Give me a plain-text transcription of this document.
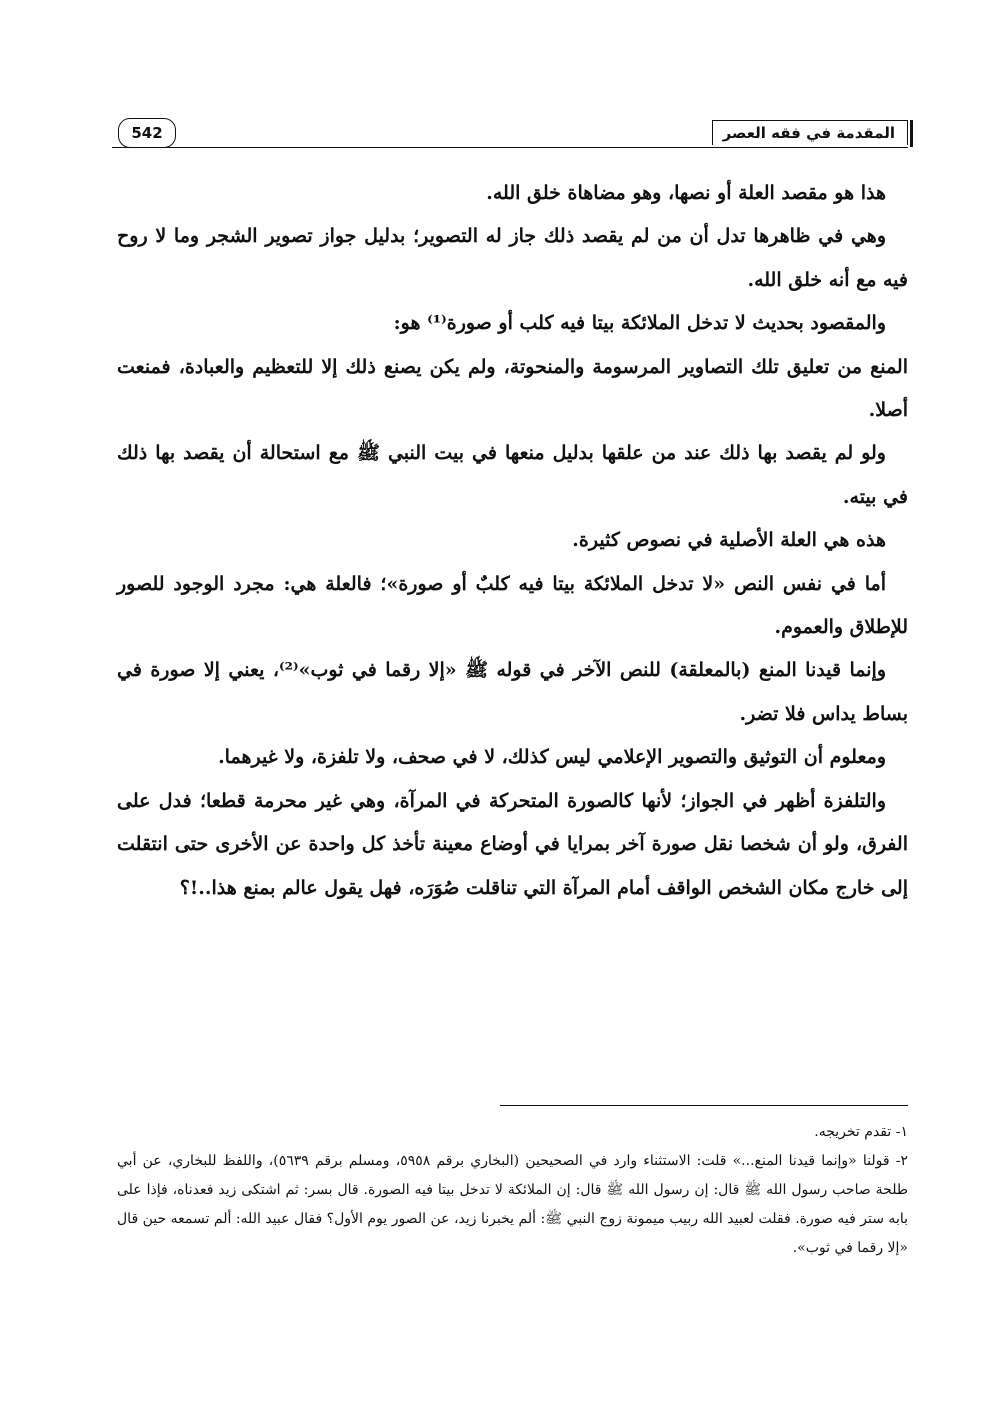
542	المقدمة في فقه العصر

هذا هو مقصد العلة أو نصها، وهو مضاهاة خلق الله.

وهي في ظاهرها تدل أن من لم يقصد ذلك جاز له التصوير؛ بدليل جواز تصوير الشجر وما لا روح فيه مع أنه خلق الله.

والمقصود بحديث لا تدخل الملائكة بيتا فيه كلب أو صورة⁽¹⁾ هو:

المنع من تعليق تلك التصاوير المرسومة والمنحوتة، ولم يكن يصنع ذلك إلا للتعظيم والعبادة، فمنعت أصلا.

ولو لم يقصد بها ذلك عند من علقها بدليل منعها في بيت النبي ﷺ مع استحالة أن يقصد بها ذلك في بيته.

هذه هي العلة الأصلية في نصوص كثيرة.

أما في نفس النص «لا تدخل الملائكة بيتا فيه كلبٌ أو صورة»؛ فالعلة هي: مجرد الوجود للصور للإطلاق والعموم.

وإنما قيدنا المنع (بالمعلقة) للنص الآخر في قوله ﷺ «إلا رقما في ثوب»⁽²⁾، يعني إلا صورة في بساط يداس فلا تضر.

ومعلوم أن التوثيق والتصوير الإعلامي ليس كذلك، لا في صحف، ولا تلفزة، ولا غيرهما.

والتلفزة أظهر في الجواز؛ لأنها كالصورة المتحركة في المرآة، وهي غير محرمة قطعا؛ فدل على الفرق، ولو أن شخصا نقل صورة آخر بمرايا في أوضاع معينة تأخذ كل واحدة عن الأخرى حتى انتقلت إلى خارج مكان الشخص الواقف أمام المرآة التي تناقلت صُوَرَه، فهل يقول عالم بمنع هذا..!؟

١- تقدم تخريجه.

٢- قولنا «وإنما قيدنا المنع...» قلت: الاستثناء وارد في الصحيحين (البخاري برقم ٥٩٥٨، ومسلم برقم ٥٦٣٩)، واللفظ للبخاري، عن أبي طلحة صاحب رسول الله ﷺ قال: إن رسول الله ﷺ قال: إن الملائكة لا تدخل بيتا فيه الصورة. قال بسر: ثم اشتكى زيد فعدناه، فإذا على بابه ستر فيه صورة. فقلت لعبيد الله ربيب ميمونة زوج النبي ﷺ: ألم يخبرنا زيد، عن الصور يوم الأول؟ فقال عبيد الله: ألم تسمعه حين قال «إلا رقما في ثوب».
